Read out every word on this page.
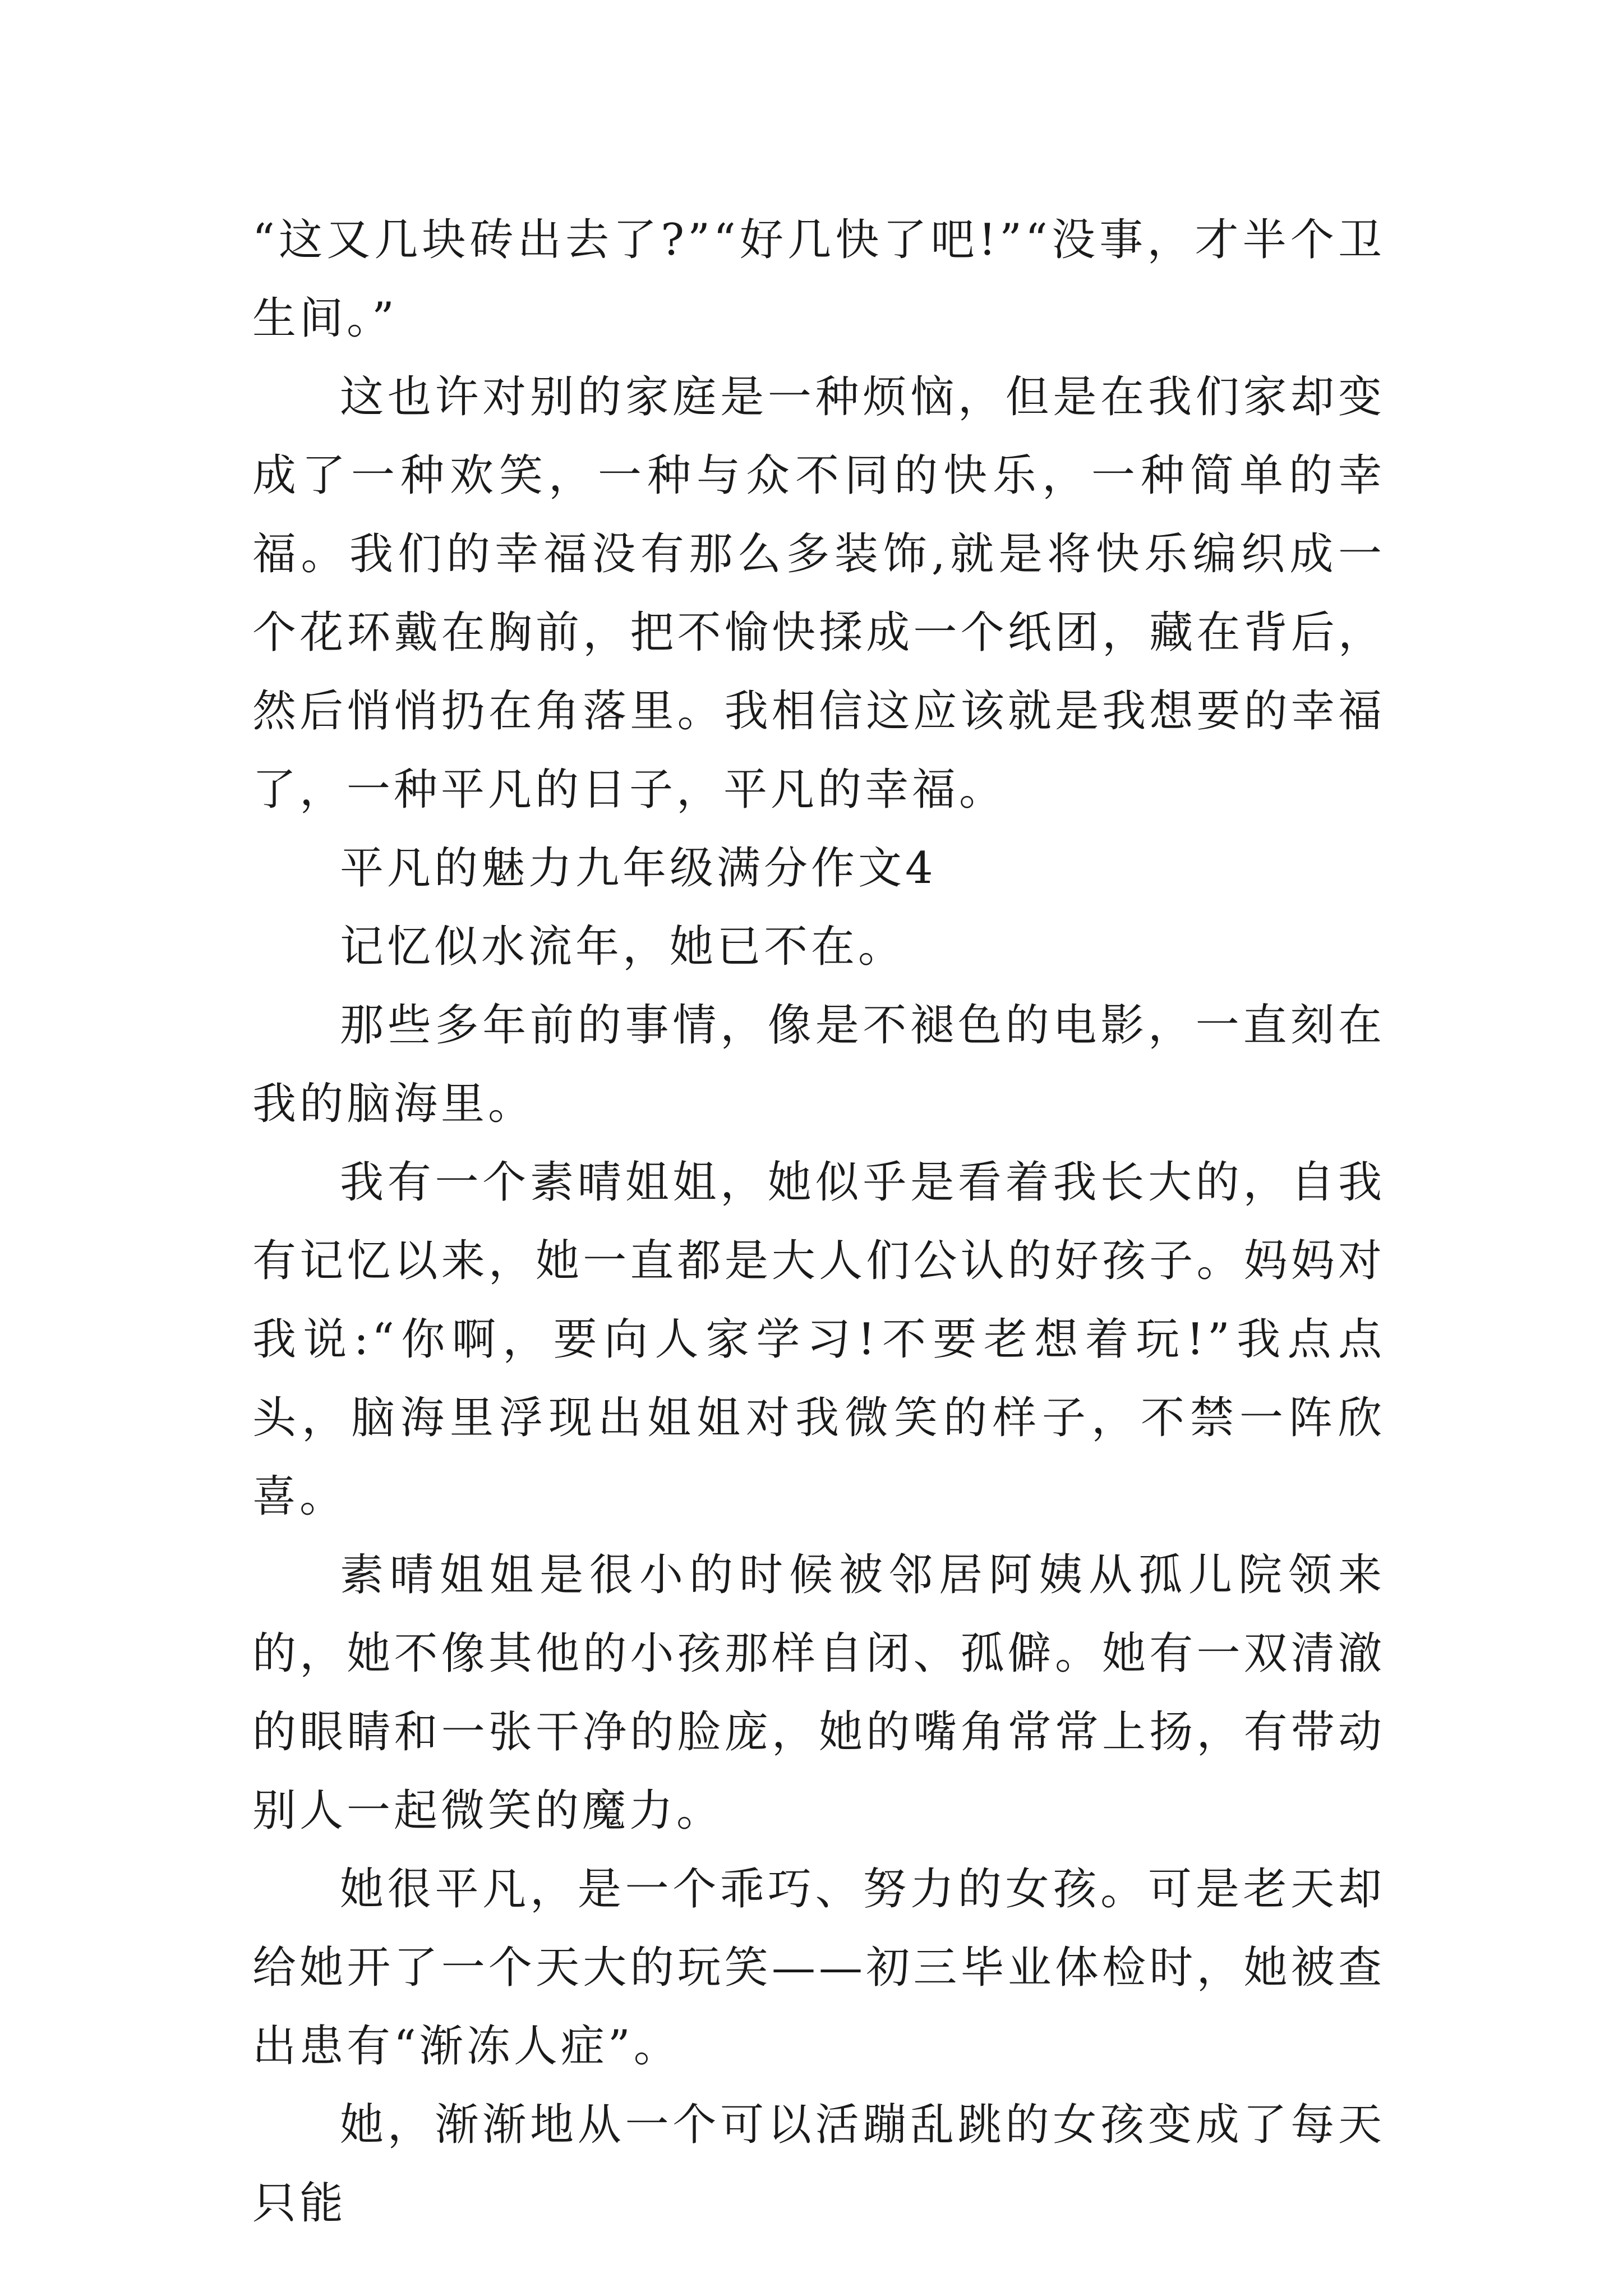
“这又几块砖出去了?”“好几快了吧!”“没事，才半个卫生间。”

这也许对别的家庭是一种烦恼，但是在我们家却变成了一种欢笑，一种与众不同的快乐，一种简单的幸福。我们的幸福没有那么多装饰,就是将快乐编织成一个花环戴在胸前，把不愉快揉成一个纸团，藏在背后，然后悄悄扔在角落里。我相信这应该就是我想要的幸福了，一种平凡的日子，平凡的幸福。

平凡的魅力九年级满分作文4

记忆似水流年，她已不在。

那些多年前的事情，像是不褪色的电影，一直刻在我的脑海里。

我有一个素晴姐姐，她似乎是看着我长大的，自我有记忆以来，她一直都是大人们公认的好孩子。妈妈对我说:“你啊，要向人家学习!不要老想着玩!”我点点头，脑海里浮现出姐姐对我微笑的样子，不禁一阵欣喜。

素晴姐姐是很小的时候被邻居阿姨从孤儿院领来的，她不像其他的小孩那样自闭、孤僻。她有一双清澈的眼睛和一张干净的脸庞，她的嘴角常常上扬，有带动别人一起微笑的魔力。

她很平凡，是一个乖巧、努力的女孩。可是老天却给她开了一个天大的玩笑——初三毕业体检时，她被查出患有“渐冻人症”。

她，渐渐地从一个可以活蹦乱跳的女孩变成了每天只能
